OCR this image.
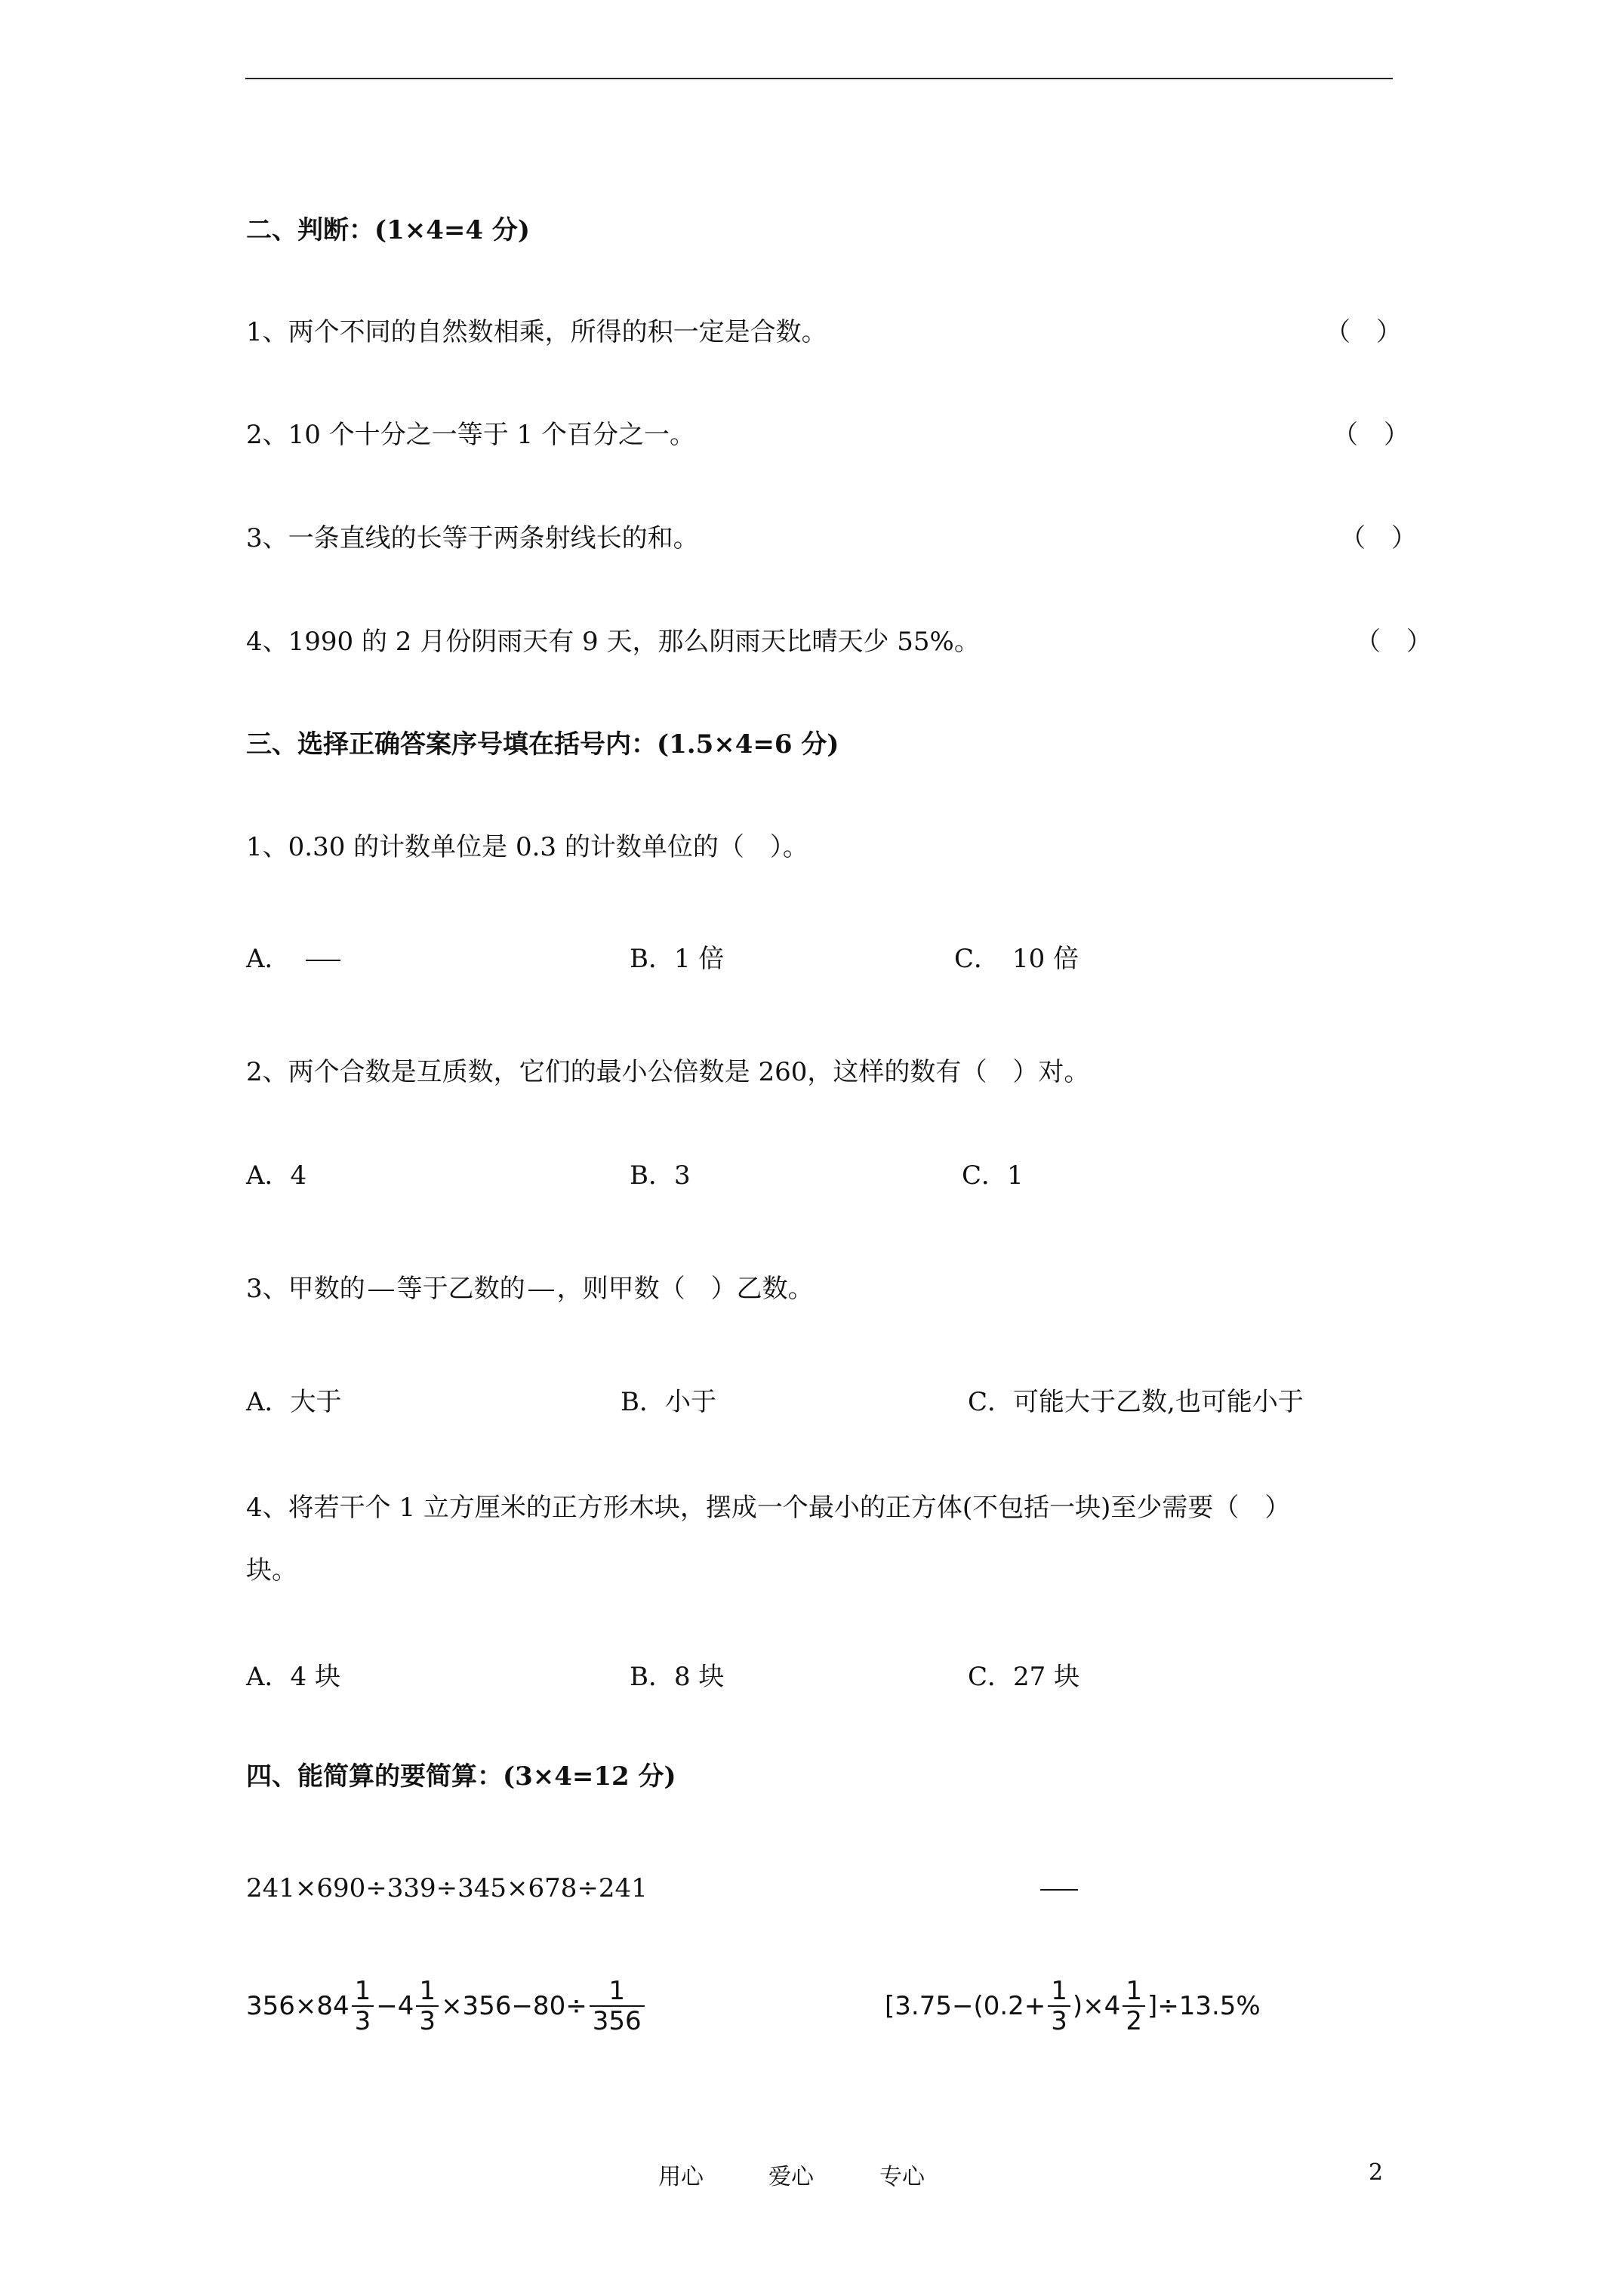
二、判断：(1×4=4 分)
1、两个不同的自然数相乘，所得的积一定是合数。	（　）
2、10 个十分之一等于 1 个百分之一。	（　）
3、一条直线的长等于两条射线长的和。	（　）
4、1990 的 2 月份阴雨天有 9 天，那么阴雨天比晴天少 55%。	（　）
三、选择正确答案序号填在括号内：(1.5×4=6 分)
1、0.30 的计数单位是 0.3 的计数单位的（　）。
A．	B．1 倍	C．　10 倍
2、两个合数是互质数，它们的最小公倍数是 260，这样的数有（　）对。
A．4	B．3	C．1
3、甲数的 等于乙数的 ，则甲数（　）乙数。
A．大于	B．小于	C．可能大于乙数,也可能小于
4、将若干个 1 立方厘米的正方形木块，摆成一个最小的正方体(不包括一块)至少需要（　）
块。
A．4 块	B．8 块	C．27 块
四、能简算的要简算：(3×4=12 分)
241×690÷339÷345×678÷241
356×84 1
$3 -4 \frac{1}{3} \times 356-80\div \frac{1}{356}$	[$3.75-(0.2+ \frac{1}{3} )\times 4$ 1
2 ]÷13.5%
用心	爱心	专心	2
